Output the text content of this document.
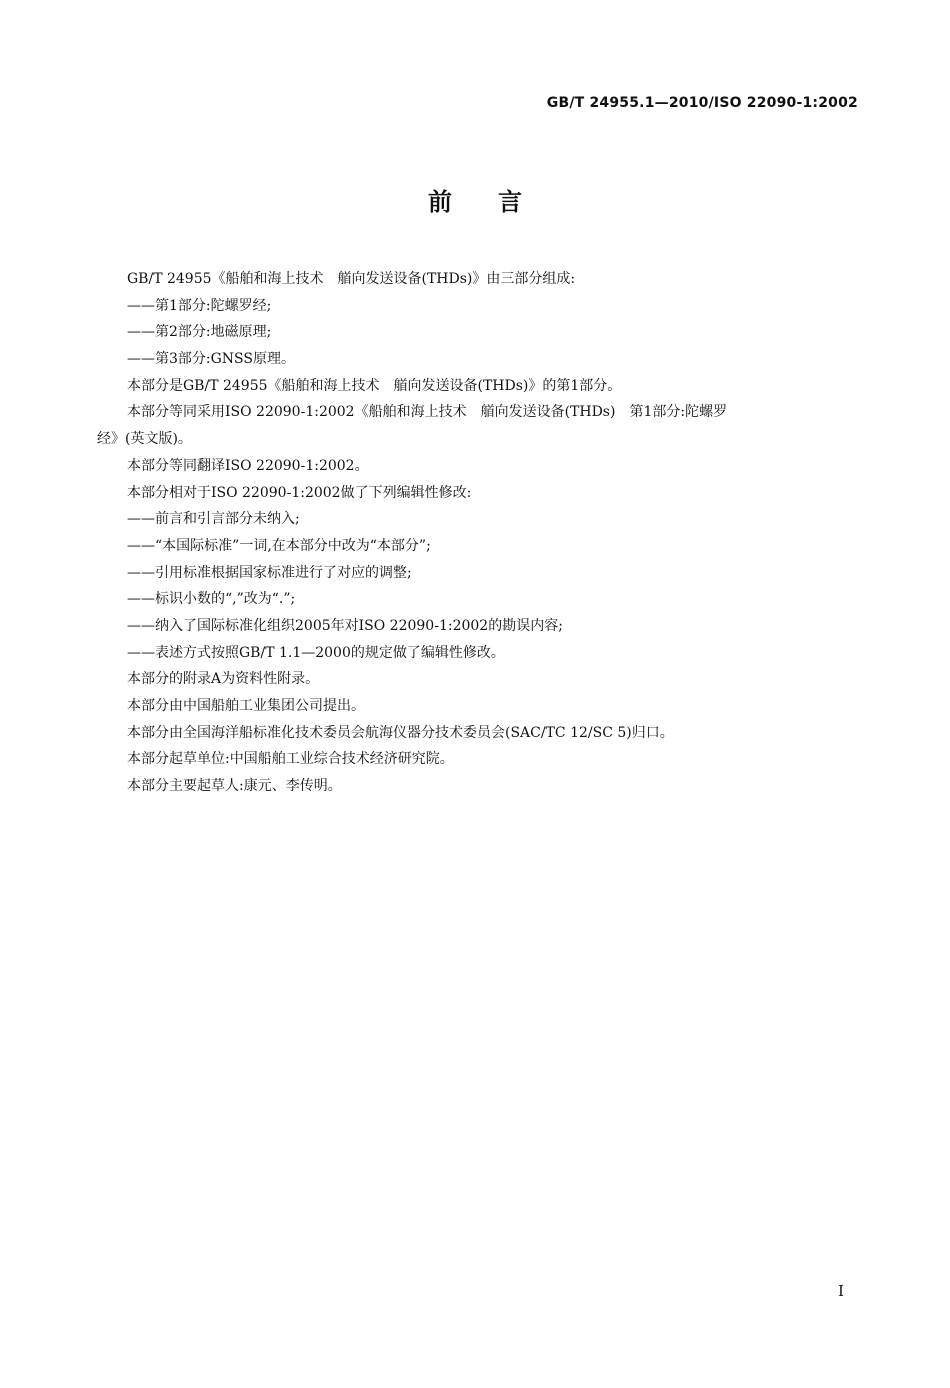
GB/T 24955.1—2010/ISO 22090-1:2002
前言
GB/T 24955《船舶和海上技术　艏向发送设备(THDs)》由三部分组成:
——第1部分:陀螺罗经;
——第2部分:地磁原理;
——第3部分:GNSS原理。
本部分是GB/T 24955《船舶和海上技术　艏向发送设备(THDs)》的第1部分。
本部分等同采用ISO 22090-1:2002《船舶和海上技术　艏向发送设备(THDs)　第1部分:陀螺罗
经》(英文版)。
本部分等同翻译ISO 22090-1:2002。
本部分相对于ISO 22090-1:2002做了下列编辑性修改:
——前言和引言部分未纳入;
——“本国际标准”一词,在本部分中改为“本部分”;
——引用标准根据国家标准进行了对应的调整;
——标识小数的“,”改为“.”;
——纳入了国际标准化组织2005年对ISO 22090-1:2002的勘误内容;
——表述方式按照GB/T 1.1—2000的规定做了编辑性修改。
本部分的附录A为资料性附录。
本部分由中国船舶工业集团公司提出。
本部分由全国海洋船标准化技术委员会航海仪器分技术委员会(SAC/TC 12/SC 5)归口。
本部分起草单位:中国船舶工业综合技术经济研究院。
本部分主要起草人:康元、李传明。
I
